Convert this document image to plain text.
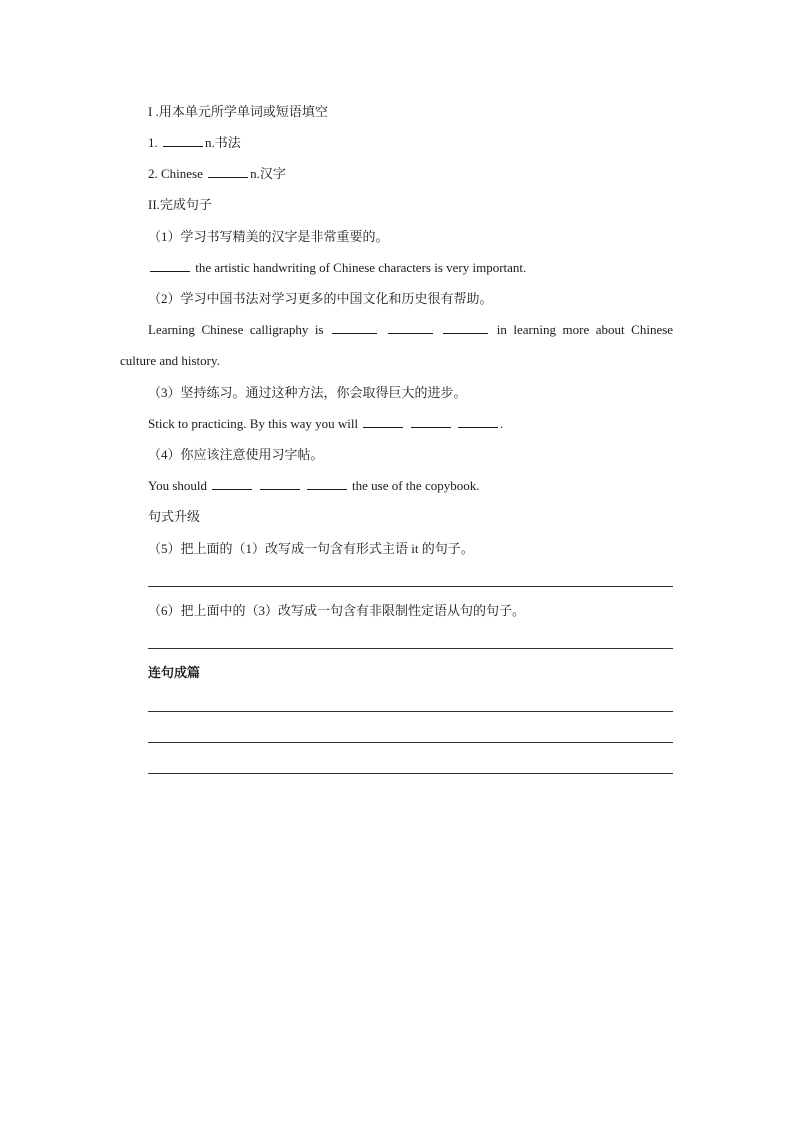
I .用本单元所学单词或短语填空
1.	n.书法
2. Chinese	n.汉字
II.完成句子
（1）学习书写精美的汉字是非常重要的。
the artistic handwriting of Chinese characters is very important.
（2）学习中国书法对学习更多的中国文化和历史很有帮助。
Learning Chinese calligraphy is	in learning more about Chinese
culture and history.
（3）坚持练习。通过这种方法，你会取得巨大的进步。
Stick to practicing. By this way you will	.
（4）你应该注意使用习字帖。
You should	the use of the copybook.
句式升级
（5）把上面的（1）改写成一句含有形式主语 it 的句子。
（6）把上面中的（3）改写成一句含有非限制性定语从句的句子。
连句成篇
